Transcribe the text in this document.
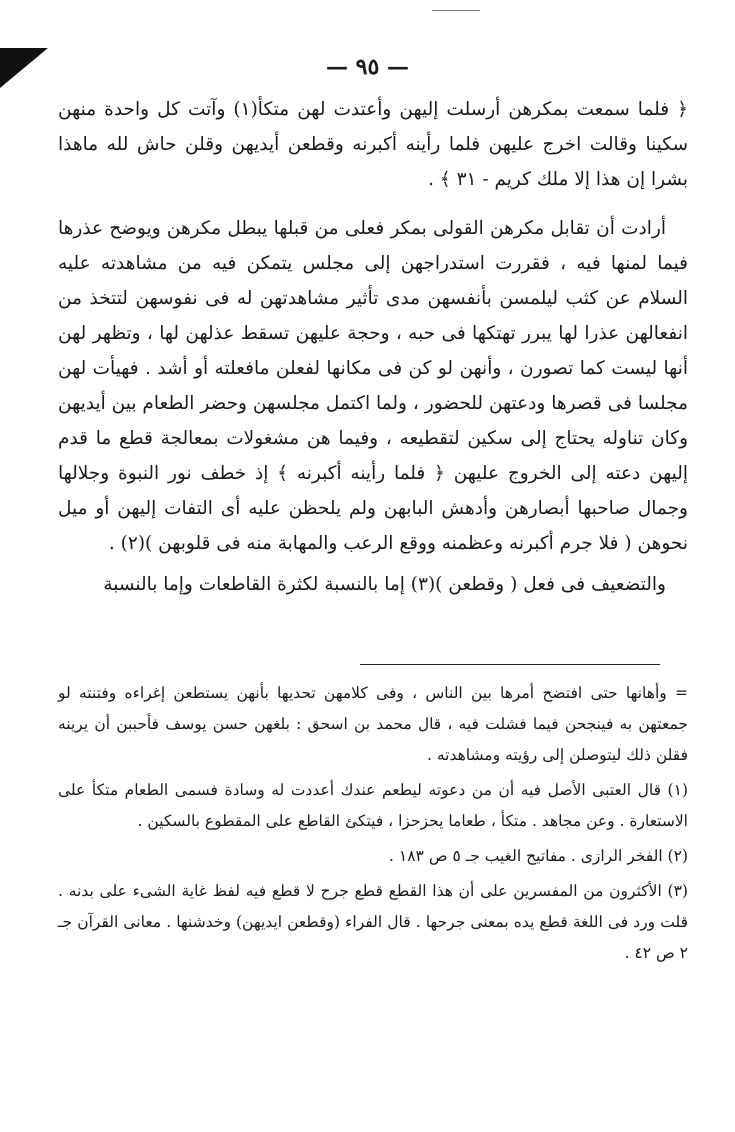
— ٩٥ —

﴿ فلما سمعت بمكرهن أرسلت إليهن وأعتدت لهن متكأ(١) وآتت كل واحدة منهن سكينا وقالت اخرج عليهن فلما رأينه أكبرنه وقطعن أيديهن وقلن حاش لله ماهذا بشرا إن هذا إلا ملك كريم - ٣١ ﴾ .

أرادت أن تقابل مكرهن القولى بمكر فعلى من قبلها يبطل مكرهن ويوضح عذرها فيما لمنها فيه ، فقررت استدراجهن إلى مجلس يتمكن فيه من مشاهدته عليه السلام عن كثب ليلمسن بأنفسهن مدى تأثير مشاهدتهن له فى نفوسهن لتتخذ من انفعالهن عذرا لها يبرر تهتكها فى حبه ، وحجة عليهن تسقط عذلهن لها ، وتظهر لهن أنها ليست كما تصورن ، وأنهن لو كن فى مكانها لفعلن مافعلته أو أشد . فهيأت لهن مجلسا فى قصرها ودعتهن للحضور ، ولما اكتمل مجلسهن وحضر الطعام بين أيديهن وكان تناوله يحتاج إلى سكين لتقطيعه ، وفيما هن مشغولات بمعالجة قطع ما قدم إليهن دعته إلى الخروج عليهن ﴿ فلما رأينه أكبرنه ﴾ إذ خطف نور النبوة وجلالها وجمال صاحبها أبصارهن وأدهش البابهن ولم يلحظن عليه أى التفات إليهن أو ميل نحوهن ( فلا جرم أكبرنه وعظمنه ووقع الرعب والمهابة منه فى قلوبهن )(٢) .

والتضعيف فى فعل ( وقطعن )(٣) إما بالنسبة لكثرة القاطعات وإما بالنسبة

= وأهانها حتى افتضح أمرها بين الناس ، وفى كلامهن تحديها بأنهن يستطعن إغراءه وفتنته لو جمعتهن به فينجحن فيما فشلت فيه ، قال محمد بن اسحق : بلغهن حسن يوسف فأحببن أن يرينه فقلن ذلك ليتوصلن إلى رؤيته ومشاهدته .

(١) قال العتبى الأصل فيه أن من دعوته ليطعم عندك أعددت له وسادة فسمى الطعام متكأ على الاستعارة . وعن مجاهد . متكأ ، طعاما يحزحزا ، فيتكئ القاطع على المقطوع بالسكين .

(٢) الفخر الرازى . مفاتيح الغيب جـ ٥ ص ١٨٣ .

(٣) الأكثرون من المفسرين على أن هذا القطع قطع جرح لا قطع فيه لفظ غاية الشىء على بدنه . قلت ورد فى اللغة قطع يده بمعنى جرحها . قال الفراء (وقطعن ايديهن) وخدشنها . معانى القرآن جـ ٢ ص ٤٢ .
